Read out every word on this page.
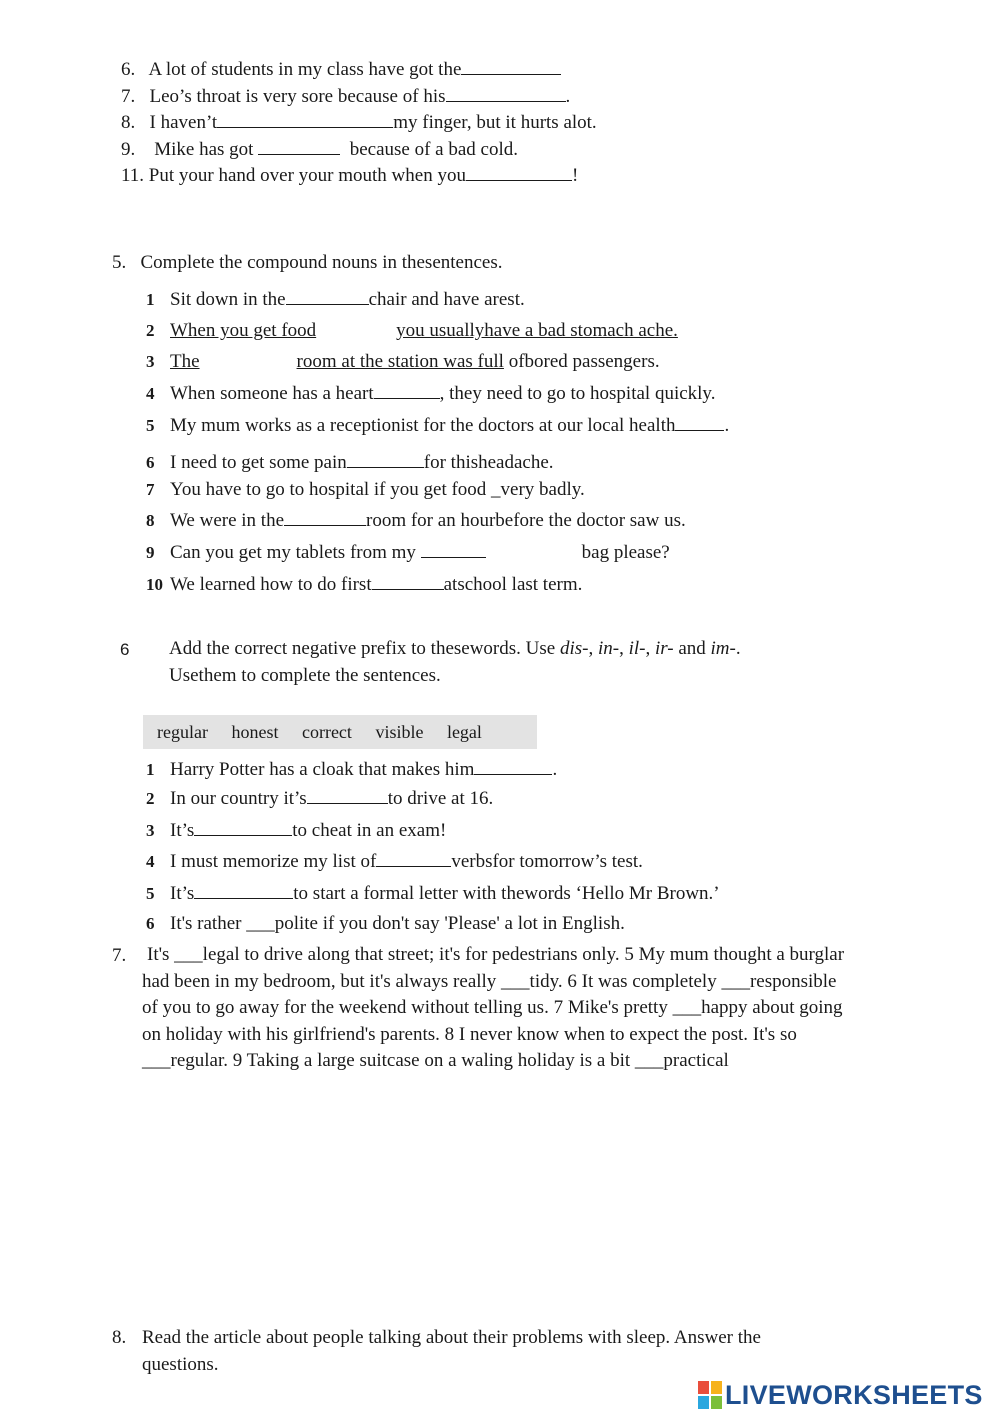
6. A lot of students in my class have got the
7. Leo’s throat is very sore because of his	.
8. I haven’t	my finger, but it hurts alot.
9. Mike has got	because of a bad cold.
11. Put your hand over your mouth when you	!
5. Complete the compound nouns in thesentences.
1 Sit down in the	chair and have arest.
2 When you get food	you usuallyhave a bad stomach ache.
3 The	room at the station was full ofbored passengers.
4 When someone has a heart	, they need to go to hospital quickly.
5 My mum works as a receptionist for the doctors at our local health	.
6 I need to get some pain	for thisheadache.
7 You have to go to hospital if you get food _very badly.
8 We were in the	room for an hourbefore the doctor saw us.
9 Can you get my tablets from my	bag please?
10 We learned how to do first	atschool last term.
6 Add the correct negative prefix to thesewords. Use dis-, in-, il-, ir- and im-.
Usethem to complete the sentences.
regular honest correct visible legal
1 Harry Potter has a cloak that makes him	.
2 In our country it’s	to drive at 16.
3 It’s	to cheat in an exam!
4 I must memorize my list of	verbsfor tomorrow’s test.
5 It’s	to start a formal letter with thewords ‘Hello Mr Brown.’
6 It's rather ___polite if you don't say 'Please' a lot in English.
7. It's ___legal to drive along that street; it's for pedestrians only. 5 My mum thought a burglar had been in my bedroom, but it's always really ___tidy. 6 It was completely ___responsible of you to go away for the weekend without telling us. 7 Mike's pretty ___happy about going on holiday with his girlfriend's parents. 8 I never know when to expect the post. It's so ___regular. 9 Taking a large suitcase on a waling holiday is a bit ___practical
8. Read the article about people talking about their problems with sleep. Answer the
questions.
LIVEWORKSHEETS
